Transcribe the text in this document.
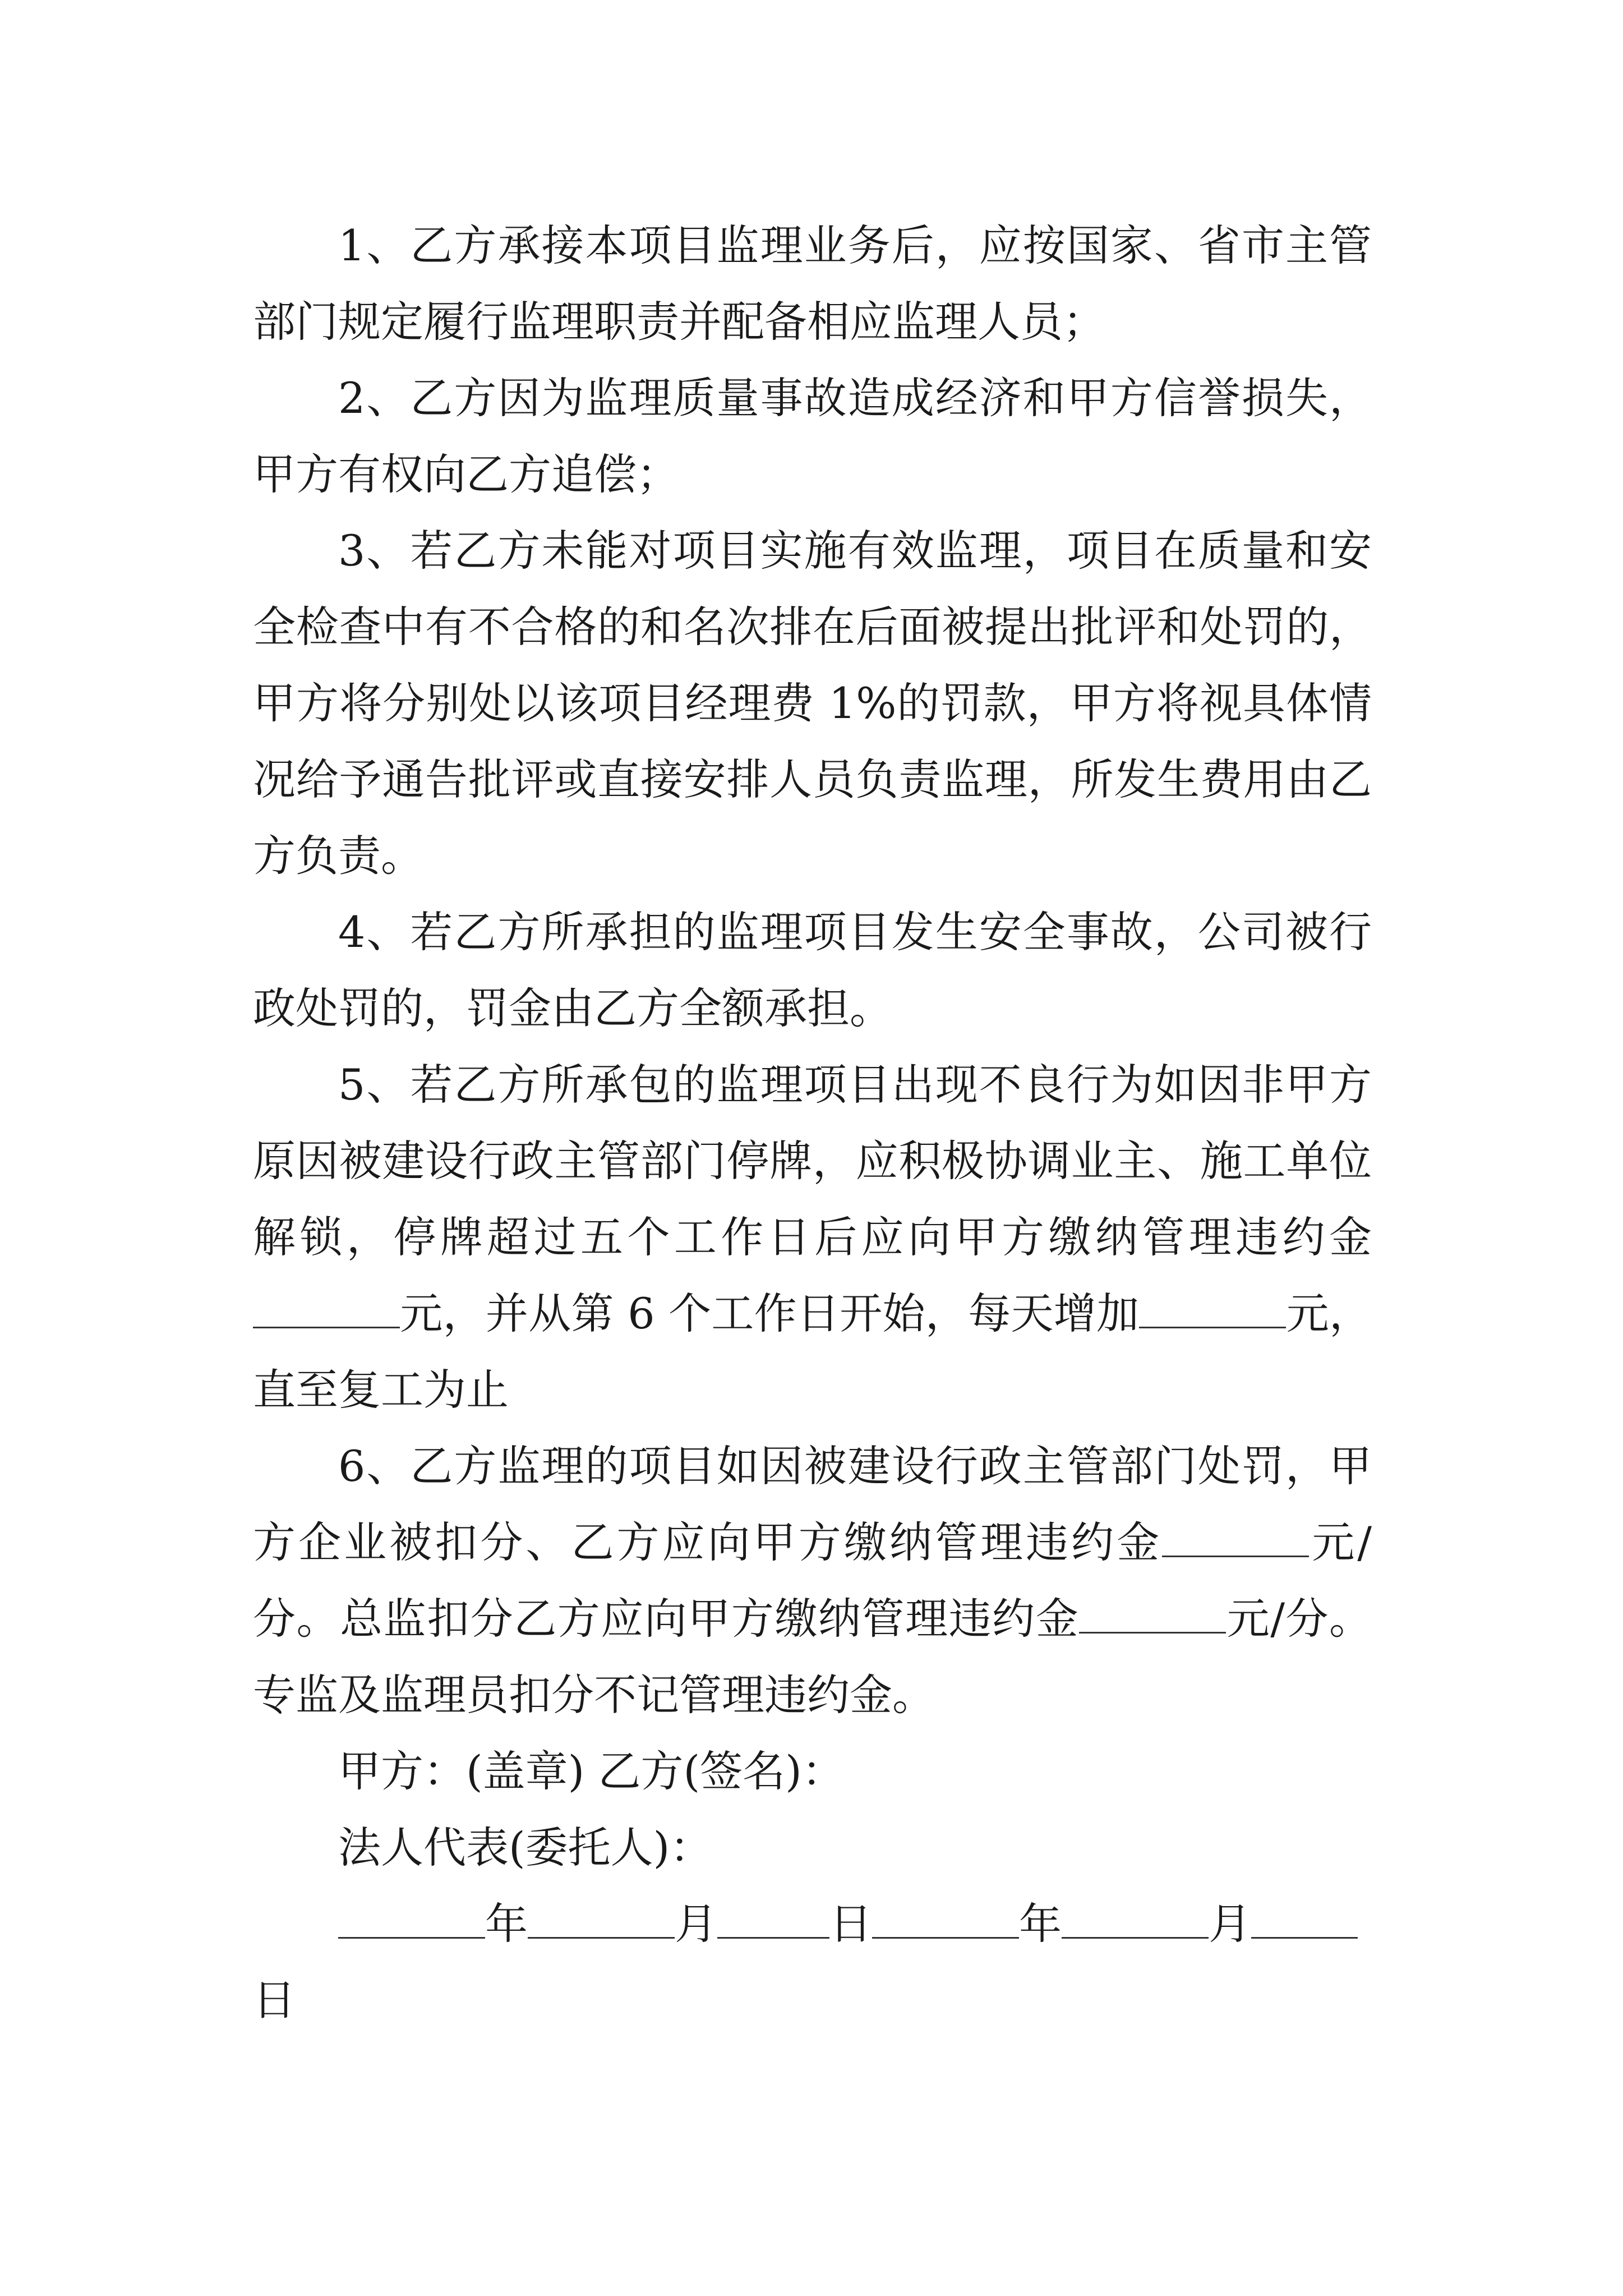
1、乙方承接本项目监理业务后，应按国家、省市主管部门规定履行监理职责并配备相应监理人员；

2、乙方因为监理质量事故造成经济和甲方信誉损失，甲方有权向乙方追偿；

3、若乙方未能对项目实施有效监理，项目在质量和安全检查中有不合格的和名次排在后面被提出批评和处罚的，甲方将分别处以该项目经理费 1%的罚款，甲方将视具体情况给予通告批评或直接安排人员负责监理，所发生费用由乙方负责。

4、若乙方所承担的监理项目发生安全事故，公司被行政处罚的，罚金由乙方全额承担。

5、若乙方所承包的监理项目出现不良行为如因非甲方原因被建设行政主管部门停牌，应积极协调业主、施工单位解锁，停牌超过五个工作日后应向甲方缴纳管理违约金元，并从第 6 个工作日开始，每天增加	元，直至复工为止

6、乙方监理的项目如因被建设行政主管部门处罚，甲方企业被扣分、乙方应向甲方缴纳管理违约金	元/分。总监扣分乙方应向甲方缴纳管理违约金	元/分。专监及监理员扣分不记管理违约金。

甲方：(盖章) 乙方(签名)：

法人代表(委托人)：

年	月	日	年	月

日
